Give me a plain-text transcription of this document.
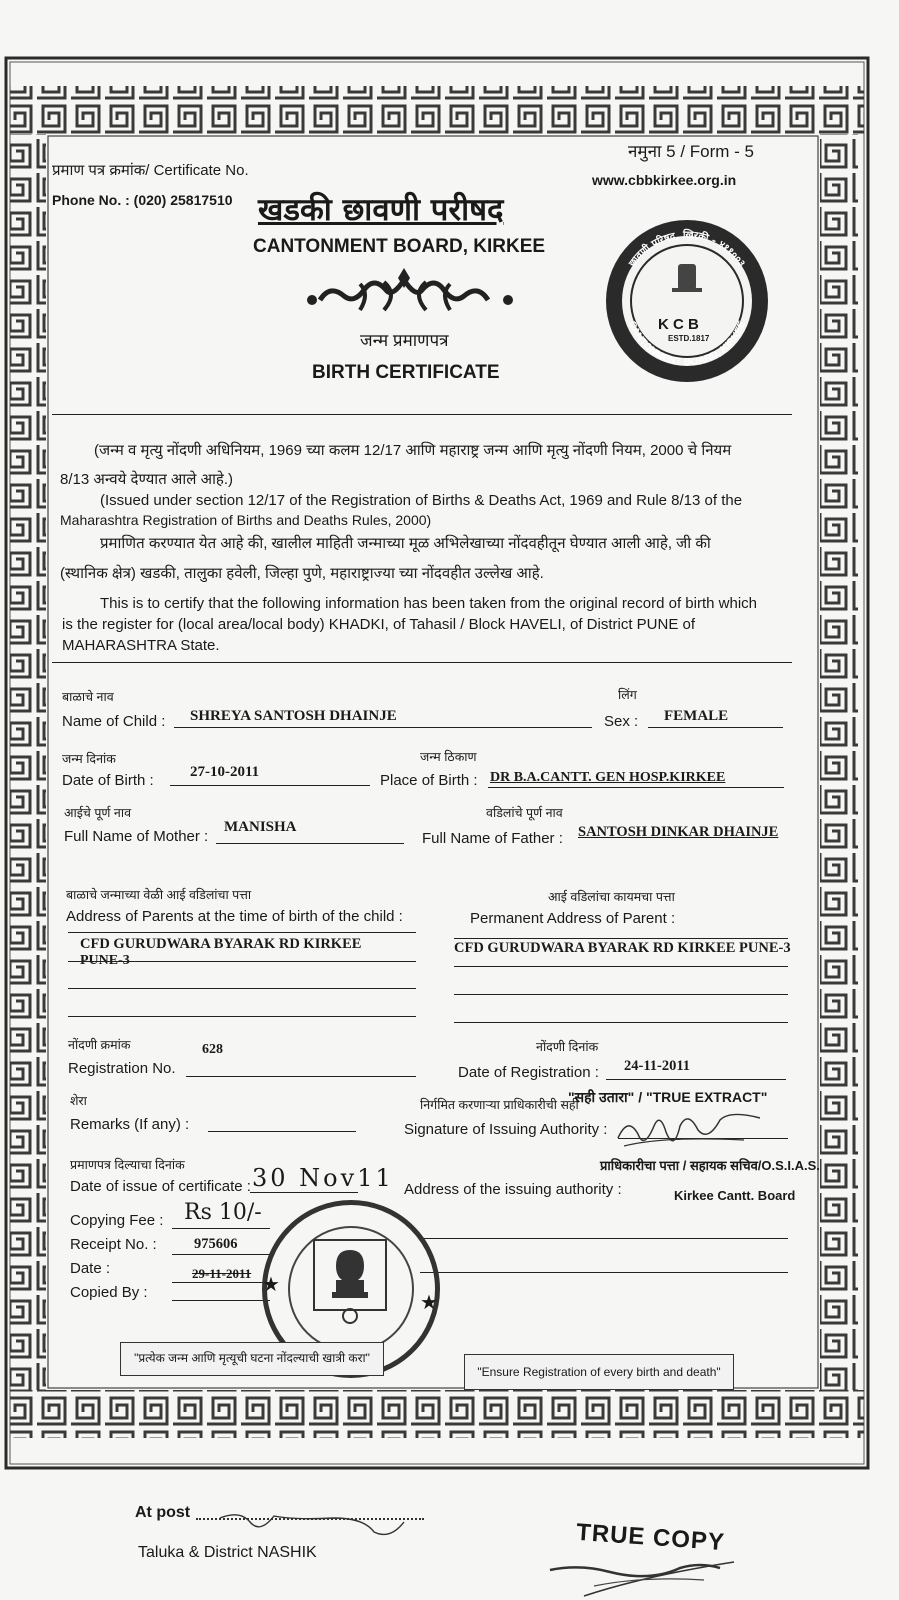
प्रमाण पत्र क्रमांक/ Certificate No.
Phone No. : (020) 25817510
नमुना 5 / Form - 5
www.cbbkirkee.org.in
खडकी छावणी परीषद
CANTONMENT BOARD, KIRKEE
जन्म प्रमाणपत्र
BIRTH CERTIFICATE
छावणी परिषद, खिरकी - ४११००३
CANTONMENT BOARD, KIRKEE
K C B
ESTD.1817
(जन्म व मृत्यु नोंदणी अधिनियम, 1969 च्या कलम 12/17 आणि महाराष्ट्र जन्म आणि मृत्यु नोंदणी नियम, 2000 चे नियम
8/13 अन्वये देण्यात आले आहे.)
(Issued under section 12/17 of the Registration of Births & Deaths Act, 1969 and Rule 8/13 of the
Maharashtra Registration of Births and Deaths Rules, 2000)
प्रमाणित करण्यात येत आहे की, खालील माहिती जन्माच्या मूळ अभिलेखाच्या नोंदवहीतून घेण्यात आली आहे, जी की
(स्थानिक क्षेत्र) खडकी, तालुका हवेली, जिल्हा पुणे, महाराष्ट्राज्या च्या नोंदवहीत उल्लेख आहे.
This is to certify that the following information has been taken from the original record of birth which
is the register for (local area/local body) KHADKI, of Tahasil / Block HAVELI, of District PUNE of
MAHARASHTRA State.
बाळाचे नाव
Name of Child : SHREYA SANTOSH DHAINJE
लिंग
Sex : FEMALE
जन्म दिनांक
Date of Birth : 27-10-2011
जन्म ठिकाण
Place of Birth : DR B.A.CANTT. GEN HOSP.KIRKEE
आईचे पूर्ण नाव
Full Name of Mother :
MANISHA
वडिलांचे पूर्ण नाव
Full Name of Father : SANTOSH DINKAR DHAINJE
बाळाचे जन्माच्या वेळी आई वडिलांचा पत्ता
Address of Parents at the time of birth of the child :
CFD GURUDWARA BYARAK RD KIRKEE
PUNE-3
आई वडिलांचा कायमचा पत्ता
Permanent Address of Parent :
CFD GURUDWARA BYARAK RD KIRKEE PUNE-3
नोंदणी क्रमांक
Registration No.
628	नोंदणी दिनांक
Date of Registration : 24-11-2011
शेरा
Remarks (If any) :
"सही उतारा" / "TRUE EXTRACT"
निर्गमित करणाऱ्या प्राधिकारीची सही
Signature of Issuing Authority :
प्रमाणपत्र दिल्याचा दिनांक
Date of issue of certificate : 30 Nov11	प्राधिकारीचा पत्ता / सहायक सचिव/O.S.I.A.S.
Address of the issuing authority :	Kirkee Cantt. Board
Copying Fee : Rs 10/-
Receipt No. :	975606
Date :	29-11-2011
Copied By :	★
★
"प्रत्येक जन्म आणि मृत्यूची घटना नोंदल्याची खात्री करा"
"Ensure Registration of every birth and death"
At post
Taluka & District NASHIK	TRUE COPY
